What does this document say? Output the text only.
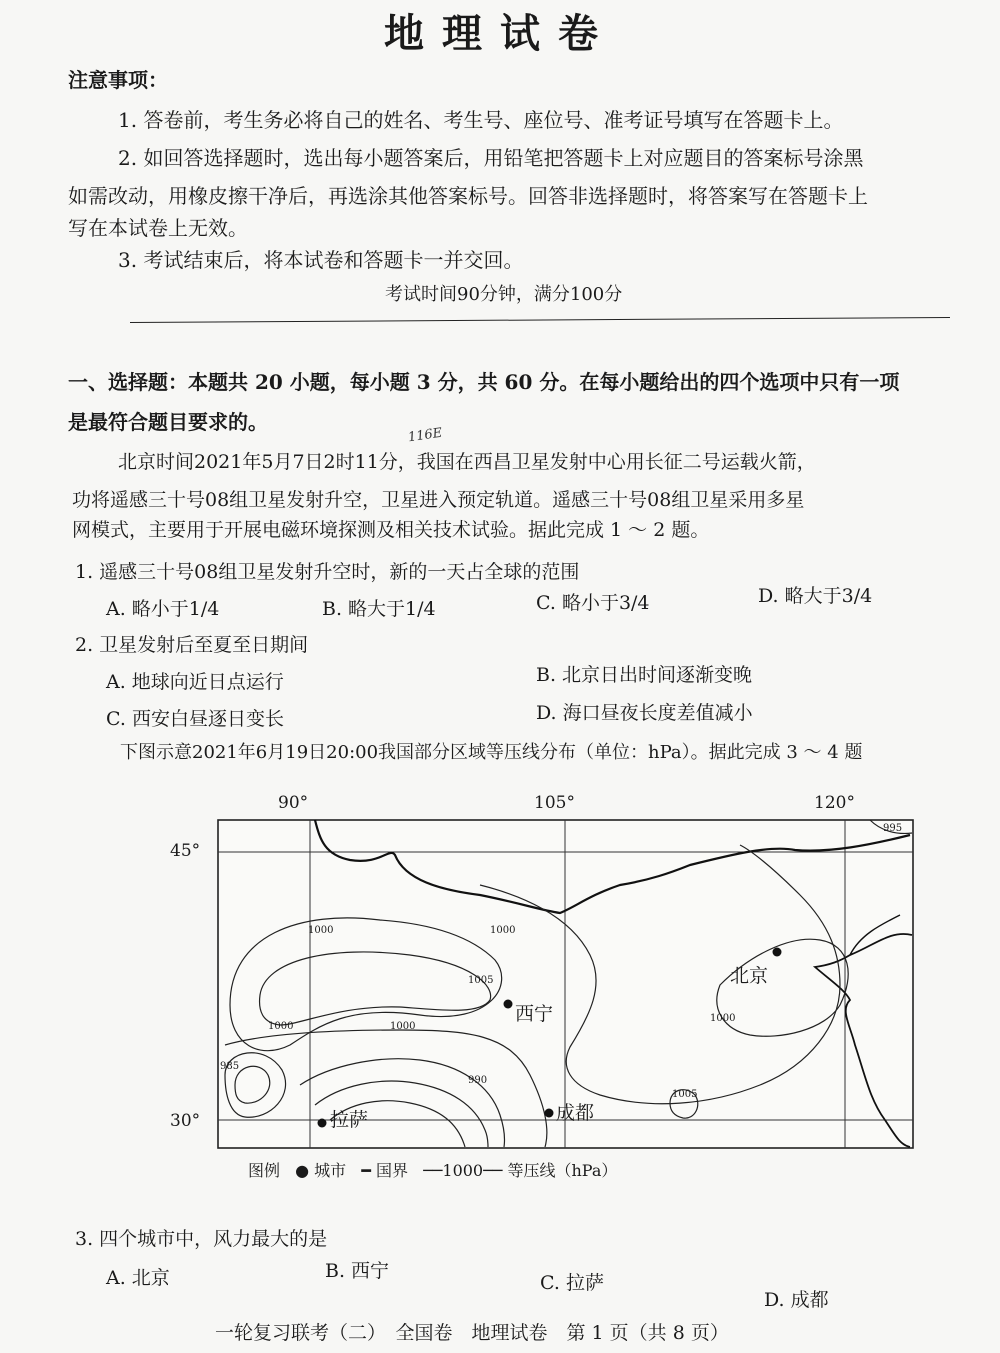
地理试卷
注意事项：
1. 答卷前，考生务必将自己的姓名、考生号、座位号、准考证号填写在答题卡上。
2. 如回答选择题时，选出每小题答案后，用铅笔把答题卡上对应题目的答案标号涂黑
如需改动，用橡皮擦干净后，再选涂其他答案标号。回答非选择题时，将答案写在答题卡上
写在本试卷上无效。
3. 考试结束后，将本试卷和答题卡一并交回。
考试时间90分钟，满分100分
一、选择题：本题共 20 小题，每小题 3 分，共 60 分。在每小题给出的四个选项中只有一项
是最符合题目要求的。
北京时间2021年5月7日2时11分，我国在西昌卫星发射中心用长征二号运载火箭，
116E
功将遥感三十号08组卫星发射升空，卫星进入预定轨道。遥感三十号08组卫星采用多星
网模式，主要用于开展电磁环境探测及相关技术试验。据此完成 1 ～ 2 题。
1. 遥感三十号08组卫星发射升空时，新的一天占全球的范围
A. 略小于1/4	B. 略大于1/4	C. 略小于3/4	D. 略大于3/4
2. 卫星发射后至夏至日期间
A. 地球向近日点运行	B. 北京日出时间逐渐变晚
C. 西安白昼逐日变长	D. 海口昼夜长度差值减小
下图示意2021年6月19日20:00我国部分区域等压线分布（单位：hPa）。据此完成 3 ～ 4 题
90°	105°	120°
45°
30°
1000	1000
1005
1000	1000
1000
985
990
1005
995
北京
西宁
拉萨	成都
图例 ● 城市 ━ 国界 ──1000── 等压线（hPa）
3. 四个城市中，风力最大的是
A. 北京	B. 西宁
C. 拉萨
D. 成都
一轮复习联考（二）　全国卷　地理试卷　第 1 页（共 8 页）
